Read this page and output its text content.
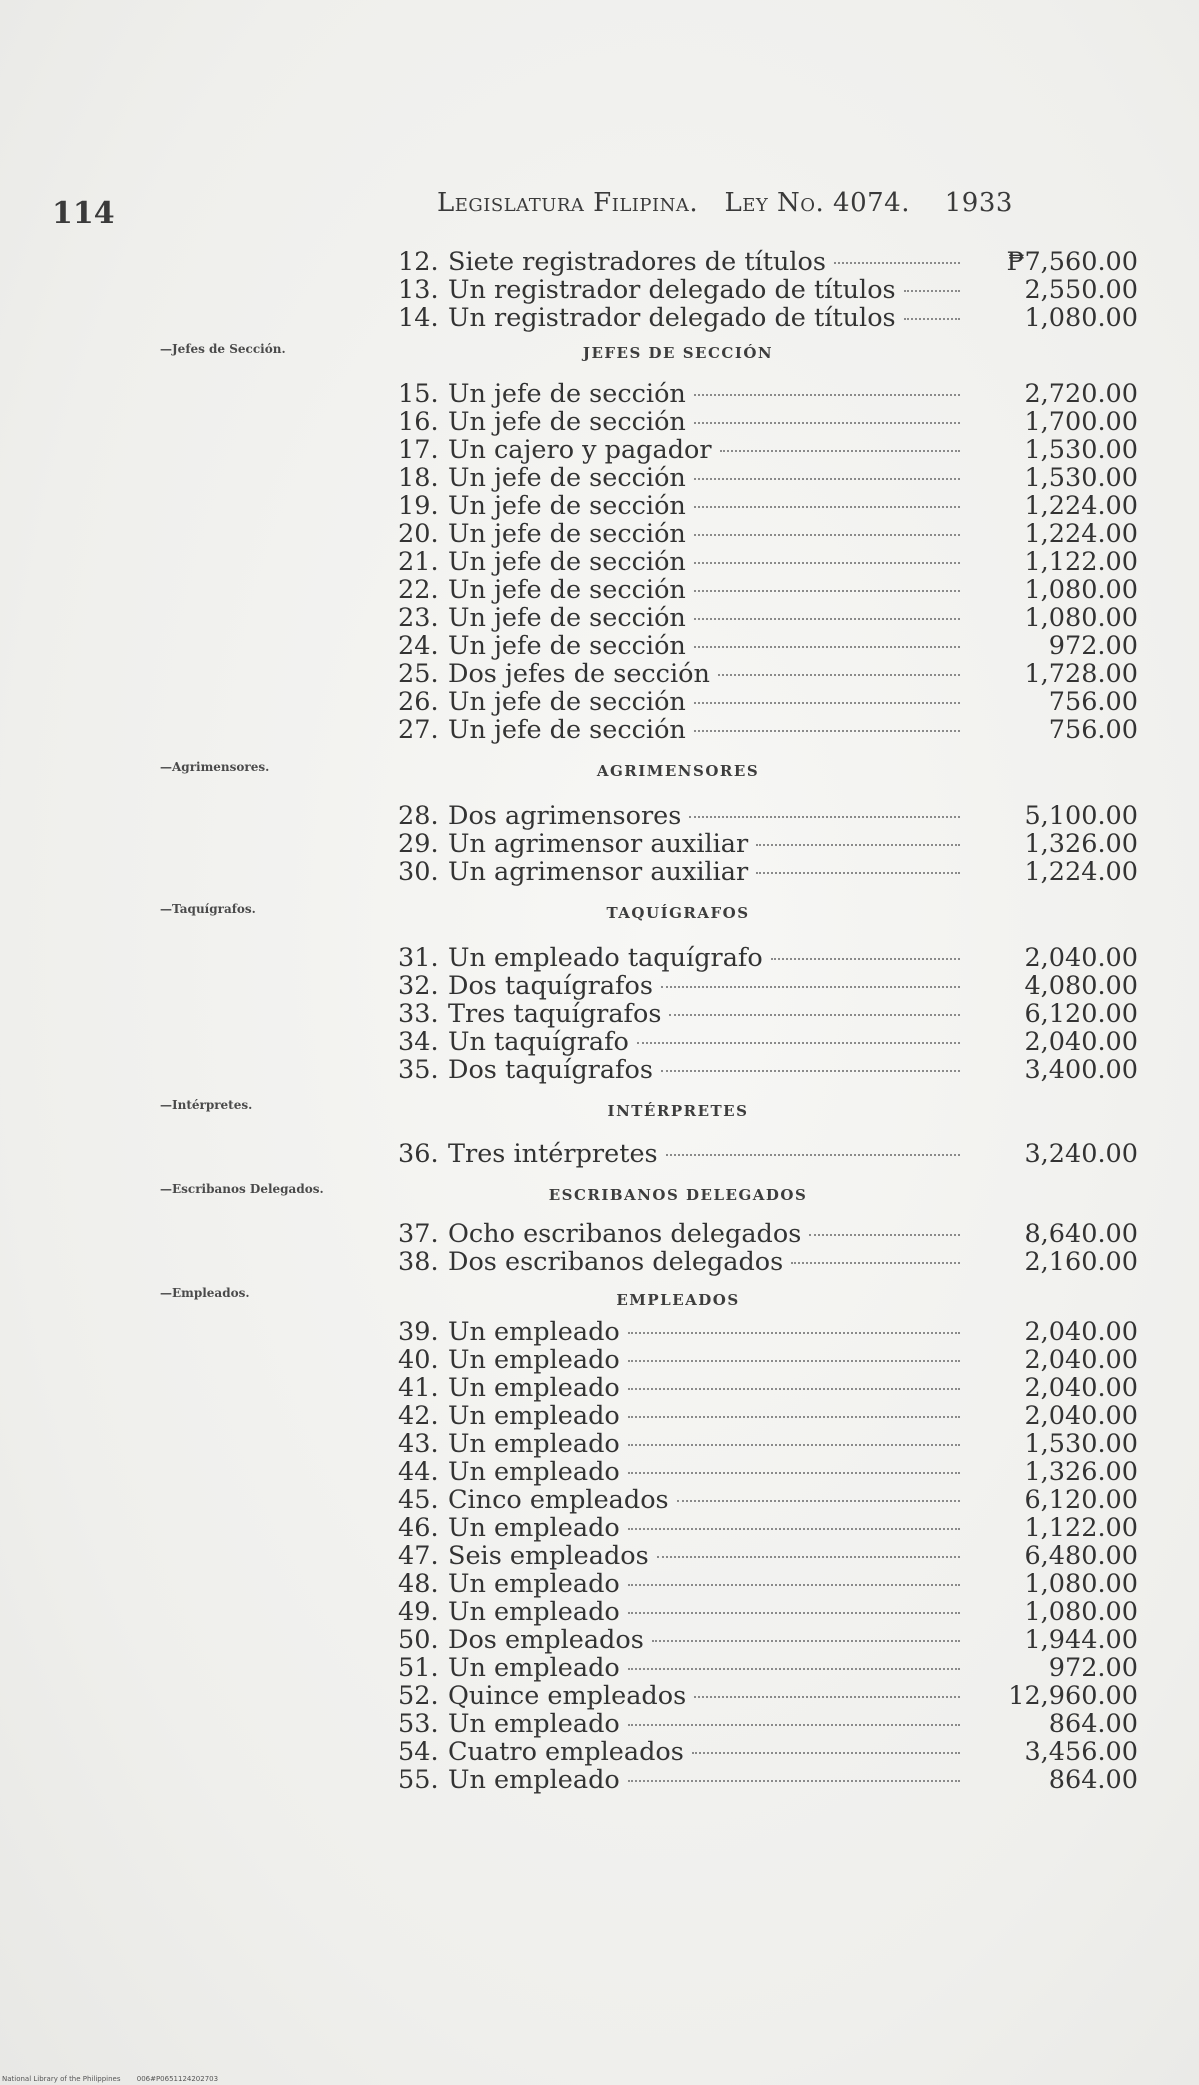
114	Legislatura Filipina. Ley No. 4074. 1933
12. Siete registradores de títulos	₱7,560.00
13. Un registrador delegado de títulos	2,550.00
14. Un registrador delegado de títulos	1,080.00
JEFES DE SECCIÓN
15. Un jefe de sección	2,720.00
16. Un jefe de sección	1,700.00
17. Un cajero y pagador	1,530.00
18. Un jefe de sección	1,530.00
19. Un jefe de sección	1,224.00
20. Un jefe de sección	1,224.00
21. Un jefe de sección	1,122.00
22. Un jefe de sección	1,080.00
23. Un jefe de sección	1,080.00
24. Un jefe de sección	972.00
25. Dos jefes de sección	1,728.00
26. Un jefe de sección	756.00
27. Un jefe de sección	756.00
AGRIMENSORES
28. Dos agrimensores	5,100.00
29. Un agrimensor auxiliar	1,326.00
30. Un agrimensor auxiliar	1,224.00
TAQUÍGRAFOS
31. Un empleado taquígrafo	2,040.00
32. Dos taquígrafos	4,080.00
33. Tres taquígrafos	6,120.00
34. Un taquígrafo	2,040.00
35. Dos taquígrafos	3,400.00
INTÉRPRETES
36. Tres intérpretes	3,240.00
ESCRIBANOS DELEGADOS
37. Ocho escribanos delegados	8,640.00
38. Dos escribanos delegados	2,160.00
EMPLEADOS
39. Un empleado	2,040.00
40. Un empleado	2,040.00
41. Un empleado	2,040.00
42. Un empleado	2,040.00
43. Un empleado	1,530.00
44. Un empleado	1,326.00
45. Cinco empleados	6,120.00
46. Un empleado	1,122.00
47. Seis empleados	6,480.00
48. Un empleado	1,080.00
49. Un empleado	1,080.00
50. Dos empleados	1,944.00
51. Un empleado	972.00
52. Quince empleados	12,960.00
53. Un empleado	864.00
54. Cuatro empleados	3,456.00
55. Un empleado	864.00
—Jefes de Sección.
—Agrimensores.
—Taquígrafos.
—Intérpretes.
—Escribanos Delegados.
—Empleados.
National Library of the Philippines 006#P0651124202703
